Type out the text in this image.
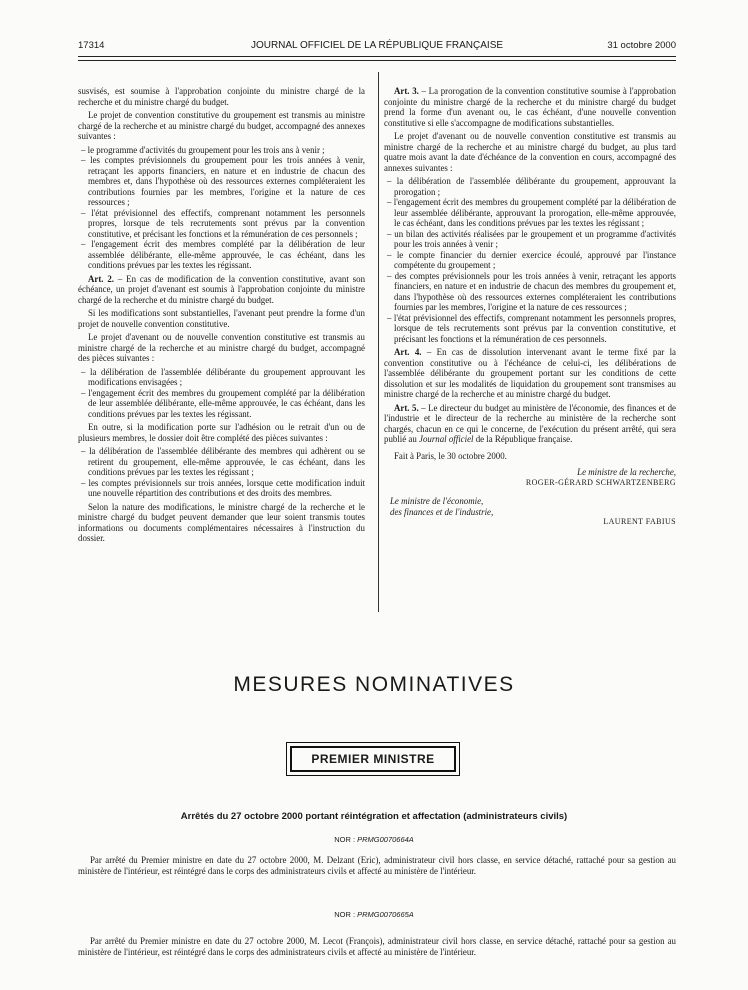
17314	JOURNAL OFFICIEL DE LA RÉPUBLIQUE FRANÇAISE	31 octobre 2000

susvisés, est soumise à l'approbation conjointe du ministre chargé de la recherche et du ministre chargé du budget.

Le projet de convention constitutive du groupement est transmis au ministre chargé de la recherche et au ministre chargé du budget, accompagné des annexes suivantes :

– le programme d'activités du groupement pour les trois ans à venir ;
– les comptes prévisionnels du groupement pour les trois années à venir, retraçant les apports financiers, en nature et en industrie de chacun des membres et, dans l'hypothèse où des ressources externes compléteraient les contributions fournies par les membres, l'origine et la nature de ces ressources ;
– l'état prévisionnel des effectifs, comprenant notamment les personnels propres, lorsque de tels recrutements sont prévus par la convention constitutive, et précisant les fonctions et la rémunération de ces personnels ;
– l'engagement écrit des membres complété par la délibération de leur assemblée délibérante, elle-même approuvée, le cas échéant, dans les conditions prévues par les textes les régissant.

Art. 2. – En cas de modification de la convention constitutive, avant son échéance, un projet d'avenant est soumis à l'approbation conjointe du ministre chargé de la recherche et du ministre chargé du budget.

Si les modifications sont substantielles, l'avenant peut prendre la forme d'un projet de nouvelle convention constitutive.

Le projet d'avenant ou de nouvelle convention constitutive est transmis au ministre chargé de la recherche et au ministre chargé du budget, accompagné des pièces suivantes :

– la délibération de l'assemblée délibérante du groupement approuvant les modifications envisagées ;
– l'engagement écrit des membres du groupement complété par la délibération de leur assemblée délibérante, elle-même approuvée, le cas échéant, dans les conditions prévues par les textes les régissant.

En outre, si la modification porte sur l'adhésion ou le retrait d'un ou de plusieurs membres, le dossier doit être complété des pièces suivantes :

– la délibération de l'assemblée délibérante des membres qui adhèrent ou se retirent du groupement, elle-même approuvée, le cas échéant, dans les conditions prévues par les textes les régissant ;
– les comptes prévisionnels sur trois années, lorsque cette modification induit une nouvelle répartition des contributions et des droits des membres.

Selon la nature des modifications, le ministre chargé de la recherche et le ministre chargé du budget peuvent demander que leur soient transmis toutes informations ou documents complémentaires nécessaires à l'instruction du dossier.

Art. 3. – La prorogation de la convention constitutive soumise à l'approbation conjointe du ministre chargé de la recherche et du ministre chargé du budget prend la forme d'un avenant ou, le cas échéant, d'une nouvelle convention constitutive si elle s'accompagne de modifications substantielles.

Le projet d'avenant ou de nouvelle convention constitutive est transmis au ministre chargé de la recherche et au ministre chargé du budget, au plus tard quatre mois avant la date d'échéance de la convention en cours, accompagné des annexes suivantes :

– la délibération de l'assemblée délibérante du groupement, approuvant la prorogation ;
– l'engagement écrit des membres du groupement complété par la délibération de leur assemblée délibérante, approuvant la prorogation, elle-même approuvée, le cas échéant, dans les conditions prévues par les textes les régissant ;
– un bilan des activités réalisées par le groupement et un programme d'activités pour les trois années à venir ;
– le compte financier du dernier exercice écoulé, approuvé par l'instance compétente du groupement ;
– des comptes prévisionnels pour les trois années à venir, retraçant les apports financiers, en nature et en industrie de chacun des membres du groupement et, dans l'hypothèse où des ressources externes compléteraient les contributions fournies par les membres, l'origine et la nature de ces ressources ;
– l'état prévisionnel des effectifs, comprenant notamment les personnels propres, lorsque de tels recrutements sont prévus par la convention constitutive, et précisant les fonctions et la rémunération de ces personnels.

Art. 4. – En cas de dissolution intervenant avant le terme fixé par la convention constitutive ou à l'échéance de celui-ci, les délibérations de l'assemblée délibérante du groupement portant sur les conditions de cette dissolution et sur les modalités de liquidation du groupement sont transmises au ministre chargé de la recherche et au ministre chargé du budget.

Art. 5. – Le directeur du budget au ministère de l'économie, des finances et de l'industrie et le directeur de la recherche au ministère de la recherche sont chargés, chacun en ce qui le concerne, de l'exécution du présent arrêté, qui sera publié au Journal officiel de la République française.

Fait à Paris, le 30 octobre 2000.

Le ministre de la recherche,
ROGER-GÉRARD SCHWARTZENBERG
Le ministre de l'économie,
des finances et de l'industrie,
LAURENT FABIUS
MESURES NOMINATIVES
PREMIER MINISTRE
Arrêtés du 27 octobre 2000 portant réintégration et affectation (administrateurs civils)
NOR : PRMG0070664A
Par arrêté du Premier ministre en date du 27 octobre 2000, M. Delzant (Eric), administrateur civil hors classe, en service détaché, rattaché pour sa gestion au ministère de l'intérieur, est réintégré dans le corps des administrateurs civils et affecté au ministère de l'intérieur.
NOR : PRMG0070665A
Par arrêté du Premier ministre en date du 27 octobre 2000, M. Lecot (François), administrateur civil hors classe, en service détaché, rattaché pour sa gestion au ministère de l'intérieur, est réintégré dans le corps des administrateurs civils et affecté au ministère de l'intérieur.
